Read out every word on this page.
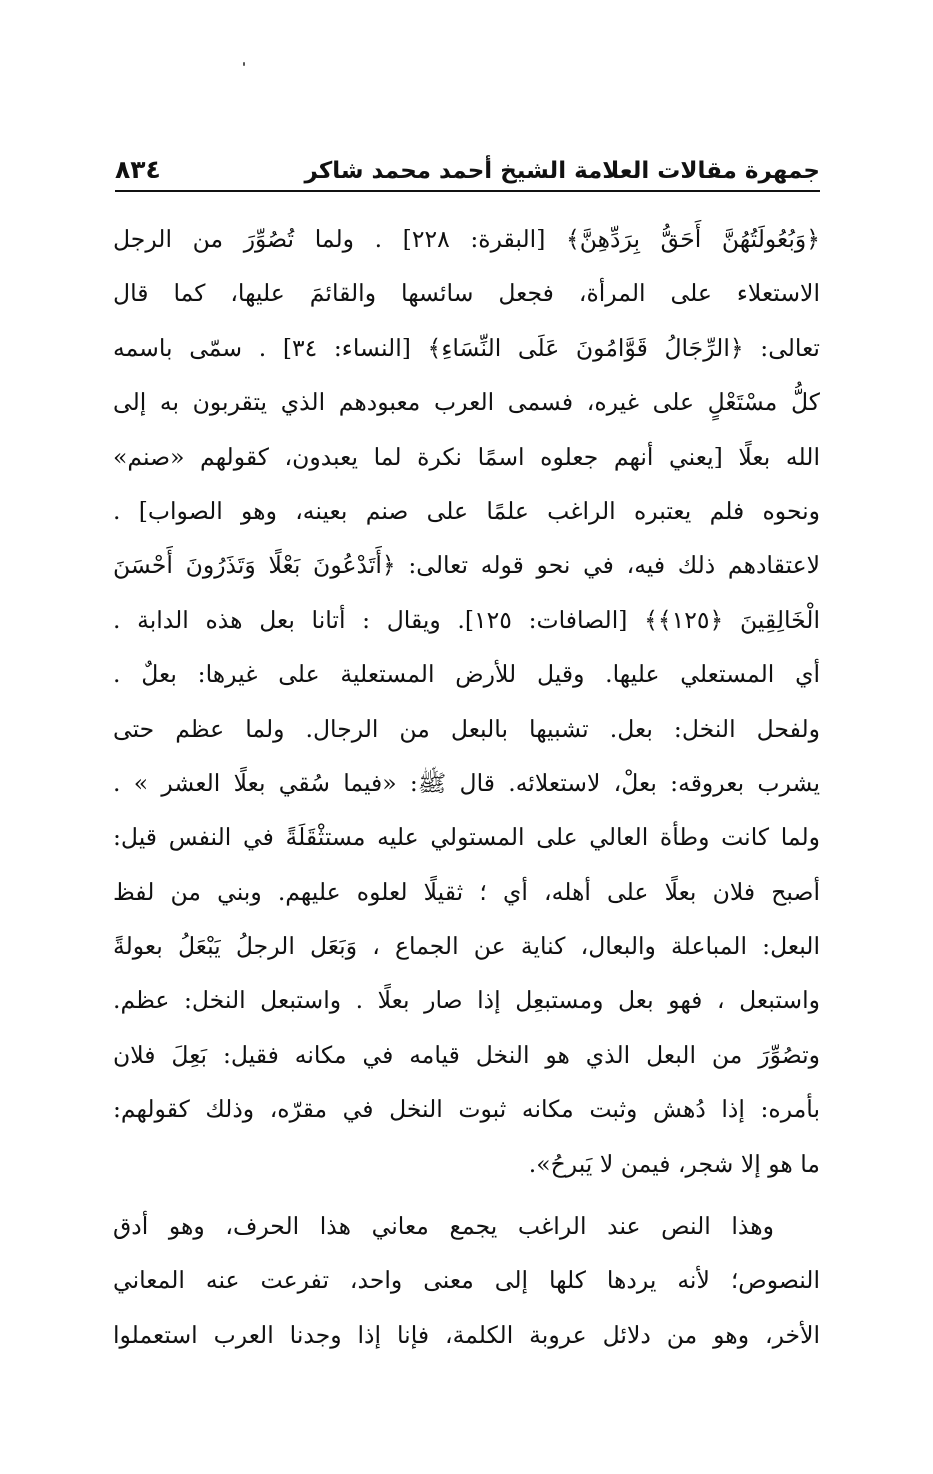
جمهرة مقالات العلامة الشيخ أحمد محمد شاكر
٨٣٤
﴿وَبُعُولَتُهُنَّ أَحَقُّ بِرَدِّهِنَّ﴾ [البقرة: ٢٢٨] . ولما تُصُوِّرَ من الرجل
الاستعلاء على المرأة، فجعل سائسها والقائمَ عليها، كما قال
تعالى: ﴿الرِّجَالُ قَوَّامُونَ عَلَى النِّسَاءِ﴾ [النساء: ٣٤] . سمّى باسمه
كلُّ مسْتَعْلٍ على غيره، فسمى العرب معبودهم الذي يتقربون به إلى
الله بعلًا [يعني أنهم جعلوه اسمًا نكرة لما يعبدون، كقولهم «صنم»
ونحوه فلم يعتبره الراغب علمًا على صنم بعينه، وهو الصواب] .
لاعتقادهم ذلك فيه، في نحو قوله تعالى: ﴿أَتَدْعُونَ بَعْلًا وَتَذَرُونَ أَحْسَنَ
الْخَالِقِينَ ﴿١٢٥﴾﴾ [الصافات: ١٢٥]. ويقال : أتانا بعل هذه الدابة .
أي المستعلي عليها. وقيل للأرض المستعلية على غيرها: بعلٌ .
ولفحل النخل: بعل. تشبيها بالبعل من الرجال. ولما عظم حتى
يشرب بعروقه: بعلْ، لاستعلائه. قال ﷺ: «فيما سُقي بعلًا العشر » .
ولما كانت وطأة العالي على المستولي عليه مستثْقَلَةً في النفس قيل:
أصبح فلان بعلًا على أهله، أي ؛ ثقيلًا لعلوه عليهم. وبني من لفظ
البعل: المباعلة والبعال، كناية عن الجماع ، وَبَعَل الرجلُ يَبْعَلُ بعولةً
واستبعل ، فهو بعل ومستبعِل إذا صار بعلًا . واستبعل النخل: عظم.
وتصُوِّرَ من البعل الذي هو النخل قيامه في مكانه فقيل: بَعِلَ فلان
بأمره: إذا دُهش وثبت مكانه ثبوت النخل في مقرّه، وذلك كقولهم:
ما هو إلا شجر، فيمن لا يَبرحُ».
وهذا النص عند الراغب يجمع معاني هذا الحرف، وهو أدق
النصوص؛ لأنه يردها كلها إلى معنى واحد، تفرعت عنه المعاني
الأخر، وهو من دلائل عروبة الكلمة، فإنا إذا وجدنا العرب استعملوا
